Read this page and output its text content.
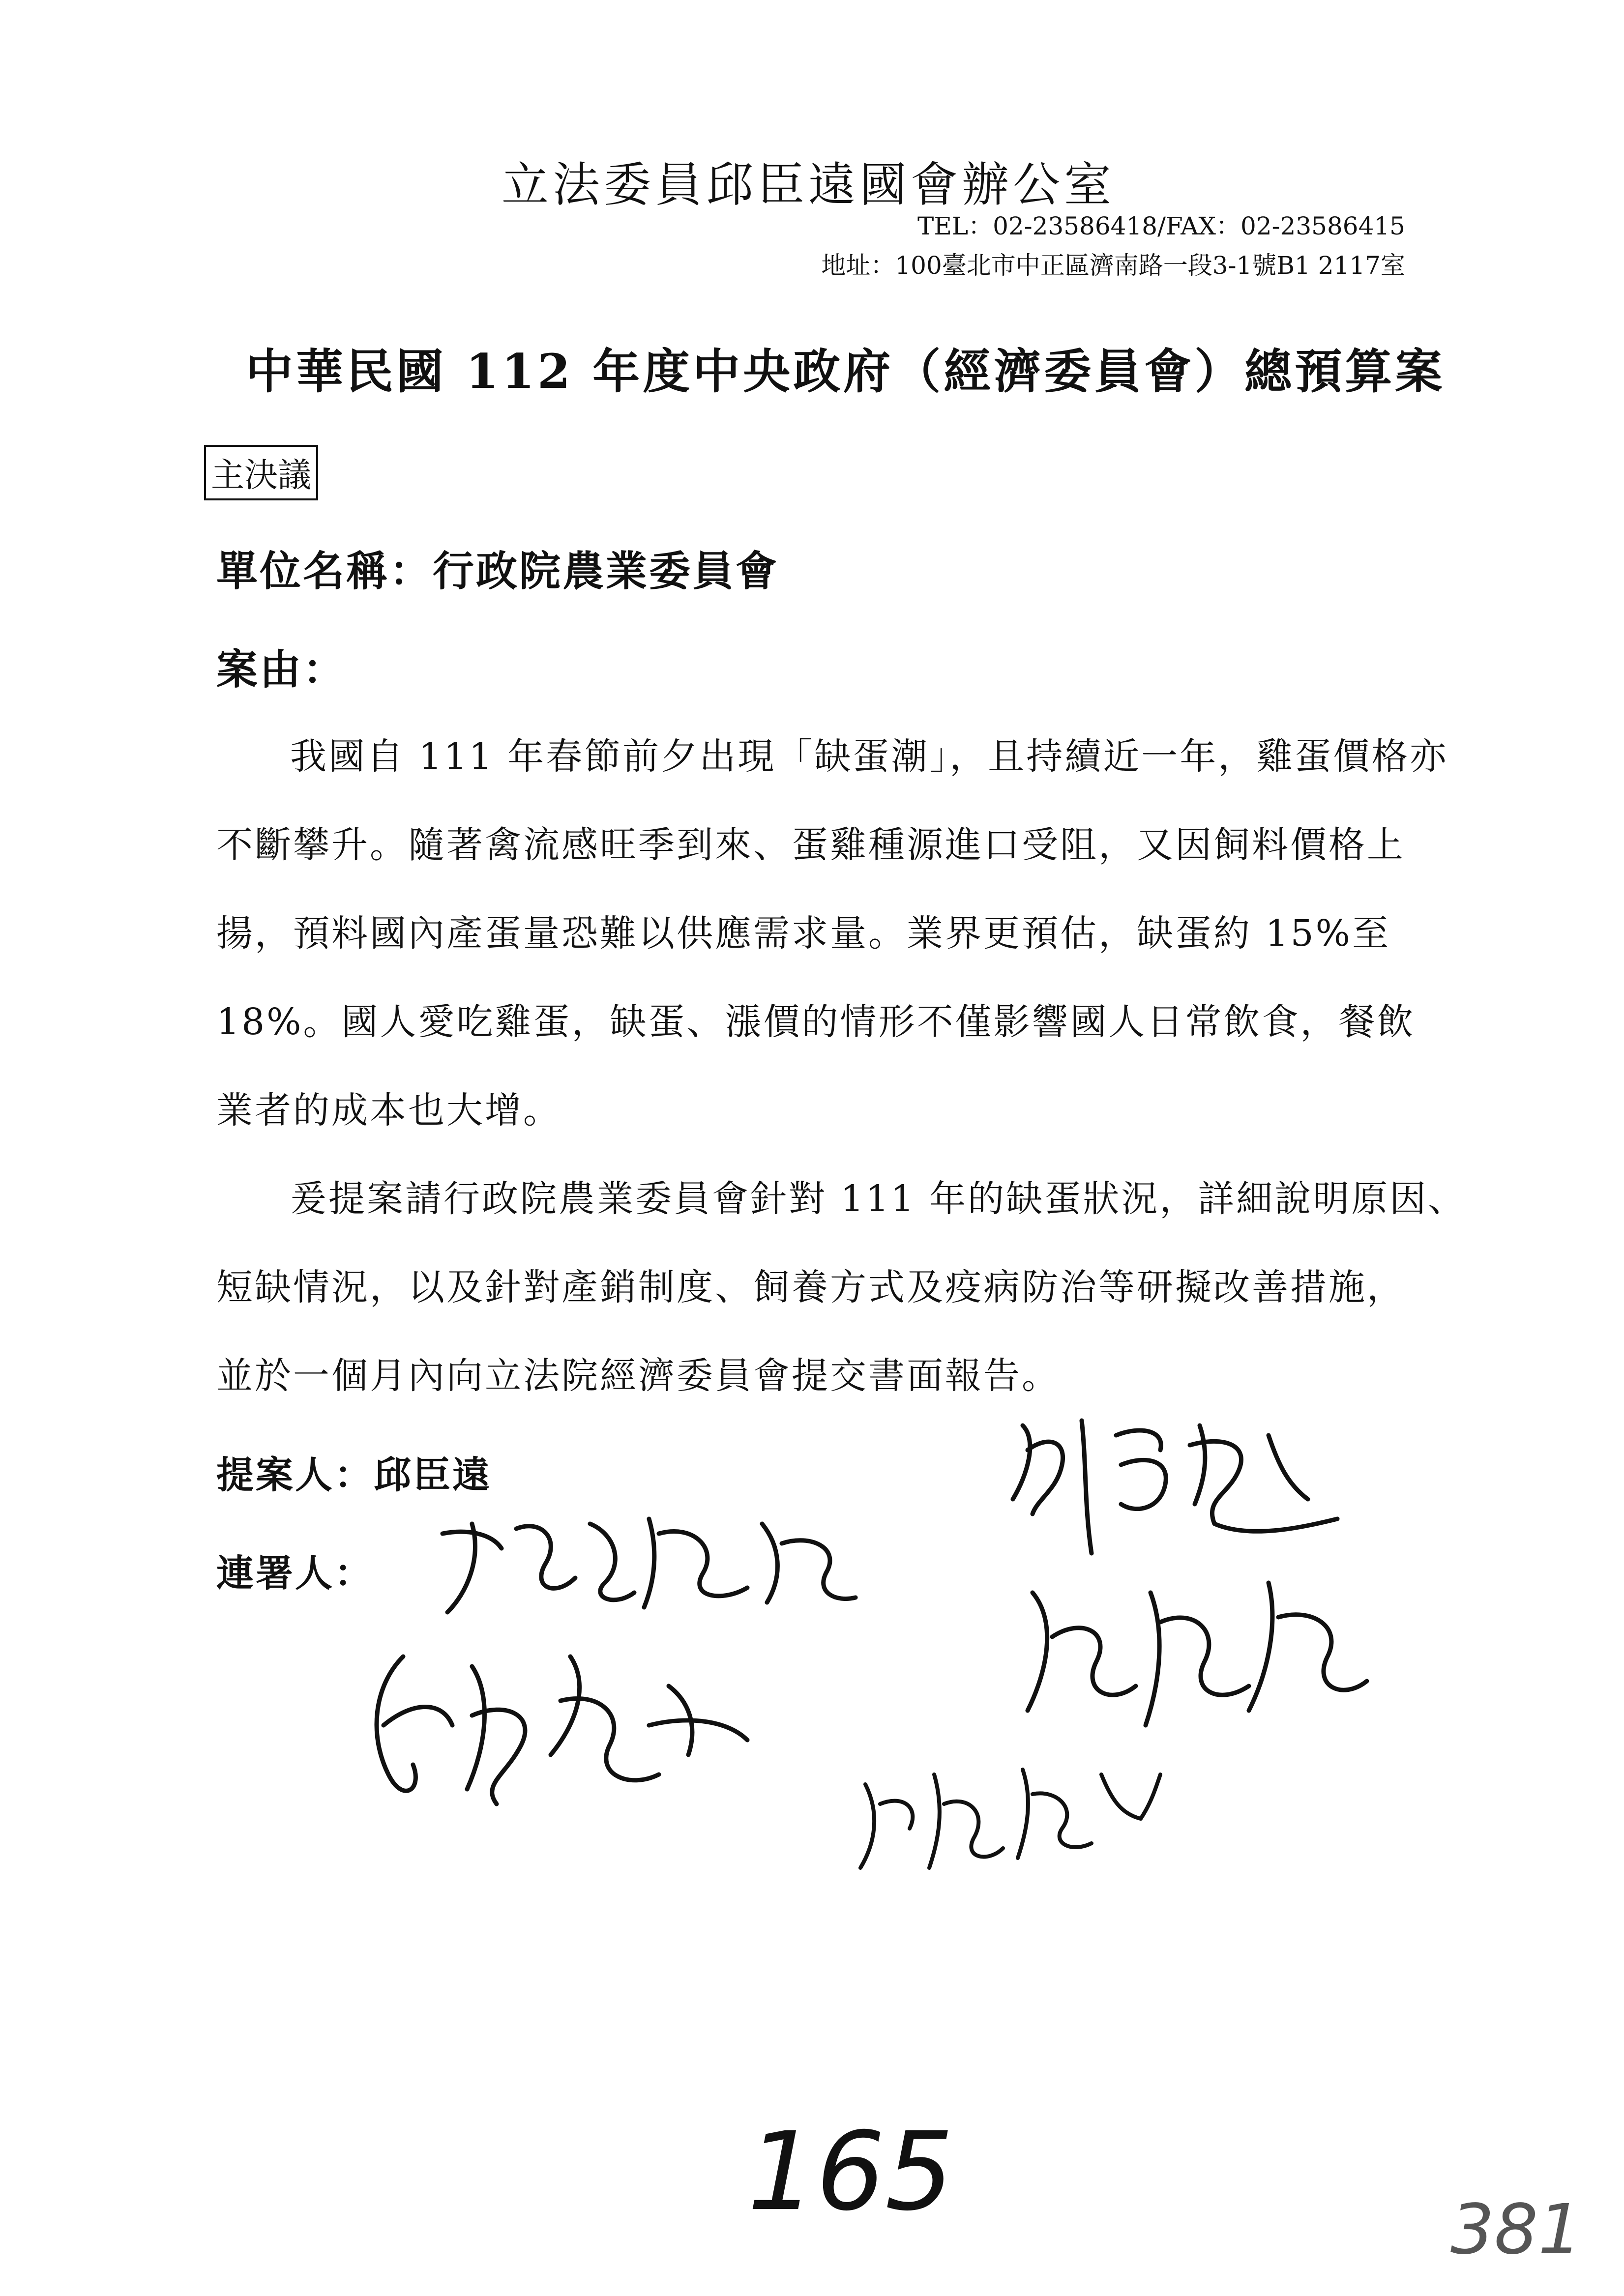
立法委員邱臣遠國會辦公室
TEL：02-23586418/FAX：02-23586415
地址：100臺北市中正區濟南路一段3-1號B1 2117室
中華民國 112 年度中央政府（經濟委員會）總預算案
主決議
單位名稱：行政院農業委員會
案由：
我國自 111 年春節前夕出現「缺蛋潮」，且持續近一年，雞蛋價格亦
不斷攀升。隨著禽流感旺季到來、蛋雞種源進口受阻，又因飼料價格上
揚，預料國內產蛋量恐難以供應需求量。業界更預估，缺蛋約 15%至
18%。國人愛吃雞蛋，缺蛋、漲價的情形不僅影響國人日常飲食，餐飲
業者的成本也大增。
爰提案請行政院農業委員會針對 111 年的缺蛋狀況，詳細說明原因、
短缺情況，以及針對產銷制度、飼養方式及疫病防治等研擬改善措施，
並於一個月內向立法院經濟委員會提交書面報告。
提案人：邱臣遠
連署人：
165	381
